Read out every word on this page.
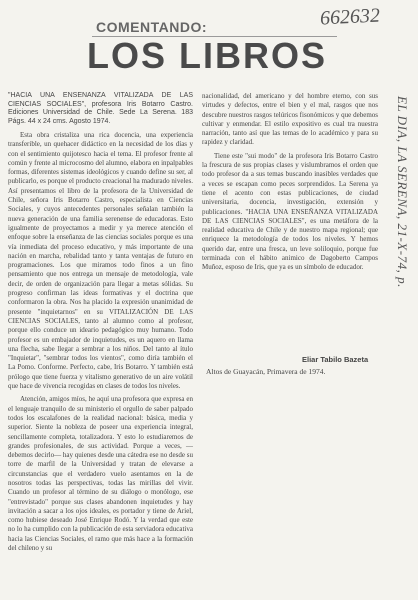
COMENTANDO:
LOS LIBROS
662632
EL DIA, LA SERENA, 21-X-74, p.

"HACIA UNA ENSEÑANZA VITALIZADA DE LAS CIENCIAS SOCIALES", profesora Iris Botarro Castro. Ediciones Universidad de Chile. Sede La Serena. 183 Págs. 44 x 24 cms. Agosto 1974.

Esta obra cristaliza una rica docencia, una experiencia transferible, un quehacer didáctico en la necesidad de los días y con el sentimiento quijotesco hacia el tema. El profesor frente al común y frente al microcosmo del alumno, elabora en inpalpables formas, diferentes sistemas ideológicos y cuando define su ser, al publicarlo, es porque el producto creacional ha madurado niveles. Así presentamos el libro de la profesora de la Universidad de Chile, señora Iris Botarro Castro, especialista en Ciencias Sociales, y cuyos antecedentes personales señalan también la nueva generación de una familia serenense de educadoras. Esto igualmente de proyectamos a medir y ya merece atención el enfoque sobre la enseñanza de las ciencias sociales porque es una vía inmediata del proceso educativo, y más importante de una nación en marcha, rebalidad tanto y tanta ventajas de futuro en programaciones. Los que miramos todo finos a un fino pensamiento que nos entrega un mensaje de metodología, vale decir, de orden de organización para llegar a metas sólidas. Su progreso confirman las ideas formativas y el doctrina que conformaron la obra. Nos ha placido la expresión unanimidad de presente "inquietarnos" en su VITALIZACIÓN DE LAS CIENCIAS SOCIALES, tanto al alumno como al profesor, porque ello conduce un ideario pedagógico muy humano. Todo profesor es un embajador de inquietudes, es un aquero en llama una flecha, sabe llegar a sembrar a los niños. Del tanto al ítulo "Inquietar", "sembrar todos los vientos", como diría también el La Pomo. Conforme. Perfecto, cabe, Iris Botarro. Y también está prólogo que tiene fuerza y vitalismo generativo de un aire volátil que hace de vivencia recogidas en clases de todos los niveles.

Atención, amigos míos, he aquí una profesora que expresa en el lenguaje tranquilo de su ministerio el orgullo de saber palpado todos los escalafones de la realidad nacional: básica, media y superior. Siente la nobleza de poseer una experiencia integral, sencillamente completa, totalizadora. Y esto lo estudiaremos de grandes profesionales, de sus actividad. Porque a veces, —debemos decirlo— hay quienes desde una cátedra ese no desde su torre de marfil de la Universidad y tratan de elevarse a circunstancias que el verdadero vuelo asentamos en la de nosotros todas las perspectivas, todas las mirillas del vivir. Cuando un profesor al término de su diálogo o monólogo, ese "entrevistado" porque sus clases abandonen inquietudes y hay invitación a sacar a los ojos ideales, es portador y tiene de Ariel, como hubiese deseado José Enrique Rodó. Y la verdad que este no lo ha cumplido con la publicación de esta serviadora educativa hacia las Ciencias Sociales, el ramo que más hace a la formación del chileno y su

nacionalidad, del americano y del hombre eterno, con sus virtudes y defectos, entre el bien y el mal, rasgos que nos descubre nuestros rasgos telúricos fisonómicos y que debemos cultivar y enmendar. El estilo expositivo es cual tra nuestra narración, tanto así que las temas de lo académico y para su rapidez y claridad.

Tiene este "sui modo" de la profesora Iris Botarro Castro la frescura de sus propias clases y vislumbramos el orden que todo profesor da a sus temas buscando inasibles verdades que a veces se escapan como peces sorprendidos. La Serena ya tiene el acento con estas publicaciones, de ciudad universitaria, docencia, investigación, extensión y publicaciones. "HACIA UNA ENSEÑANZA VITALIZADA DE LAS CIENCIAS SOCIALES", es una metáfora de la realidad educativa de Chile y de nuestro mapa regional; que enriquece la metodología de todos los niveles. Y hemos querido dar, entre una fresca, un leve soliloquio, porque fue terminada con el hábito animico de Dagoberto Campos Muñoz, esposo de Iris, que ya es un símbolo de educador.

Eliar Tabilo Bazeta
Altos de Guayacán, Primavera de 1974.
